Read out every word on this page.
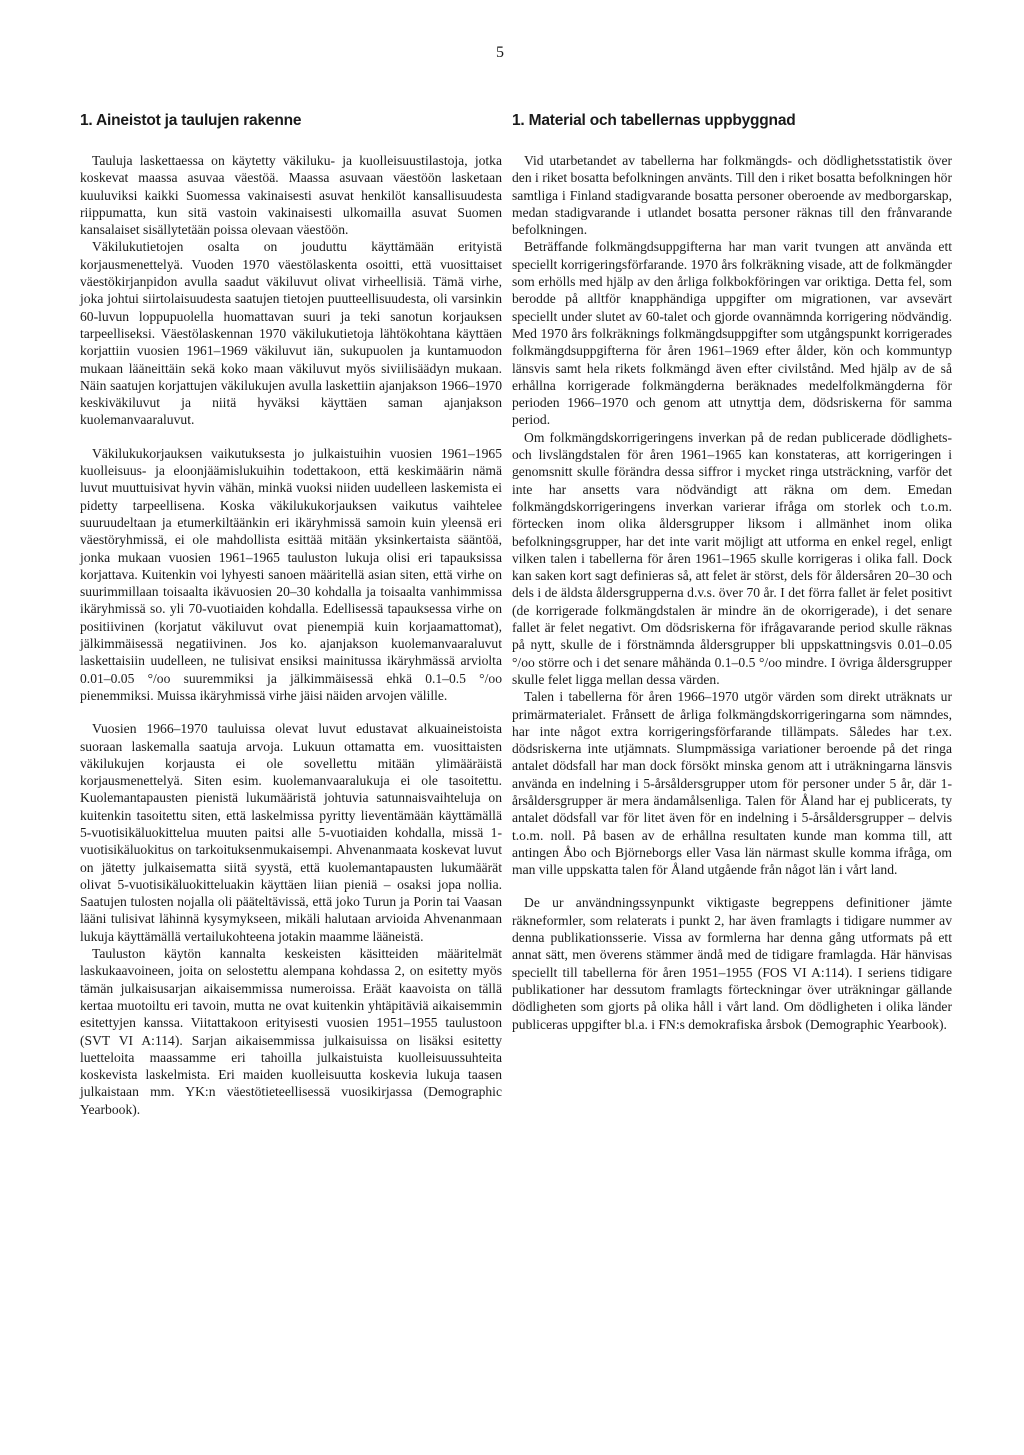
5
1. Aineistot ja taulujen rakenne

Tauluja laskettaessa on käytetty väkiluku- ja kuolleisuustilastoja, jotka koskevat maassa asuvaa väestöä. Maassa asuvaan väestöön lasketaan kuuluviksi kaikki Suomessa vakinaisesti asuvat henkilöt kansallisuudesta riippumatta, kun sitä vastoin vakinaisesti ulkomailla asuvat Suomen kansalaiset sisällytetään poissa olevaan väestöön.

Väkilukutietojen osalta on jouduttu käyttämään erityistä korjausmenettelyä. Vuoden 1970 väestölaskenta osoitti, että vuosittaiset väestökirjanpidon avulla saadut väkiluvut olivat virheellisiä. Tämä virhe, joka johtui siirtolaisuudesta saatujen tietojen puutteellisuudesta, oli varsinkin 60-luvun loppupuolella huomattavan suuri ja teki sanotun korjauksen tarpeelliseksi. Väestölaskennan 1970 väkilukutietoja lähtökohtana käyttäen korjattiin vuosien 1961–1969 väkiluvut iän, sukupuolen ja kuntamuodon mukaan lääneittäin sekä koko maan väkiluvut myös siviilisäädyn mukaan. Näin saatujen korjattujen väkilukujen avulla laskettiin ajanjakson 1966–1970 keskiväkiluvut ja niitä hyväksi käyttäen saman ajanjakson kuolemanvaaraluvut.

Väkilukukorjauksen vaikutuksesta jo julkaistuihin vuosien 1961–1965 kuolleisuus- ja eloonjäämislukuihin todettakoon, että keskimäärin nämä luvut muuttuisivat hyvin vähän, minkä vuoksi niiden uudelleen laskemista ei pidetty tarpeellisena. Koska väkilukukorjauksen vaikutus vaihtelee suuruudeltaan ja etumerkiltäänkin eri ikäryhmissä samoin kuin yleensä eri väestöryhmissä, ei ole mahdollista esittää mitään yksinkertaista sääntöä, jonka mukaan vuosien 1961–1965 tauluston lukuja olisi eri tapauksissa korjattava. Kuitenkin voi lyhyesti sanoen määritellä asian siten, että virhe on suurimmillaan toisaalta ikävuosien 20–30 kohdalla ja toisaalta vanhimmissa ikäryhmissä so. yli 70-vuotiaiden kohdalla. Edellisessä tapauksessa virhe on positiivinen (korjatut väkiluvut ovat pienempiä kuin korjaamattomat), jälkimmäisessä negatiivinen. Jos ko. ajanjakson kuolemanvaaraluvut laskettaisiin uudelleen, ne tulisivat ensiksi mainitussa ikäryhmässä arviolta 0.01–0.05 °/oo suuremmiksi ja jälkimmäisessä ehkä 0.1–0.5 °/oo pienemmiksi. Muissa ikäryhmissä virhe jäisi näiden arvojen välille.

Vuosien 1966–1970 tauluissa olevat luvut edustavat alkuaineistoista suoraan laskemalla saatuja arvoja. Lukuun ottamatta em. vuosittaisten väkilukujen korjausta ei ole sovellettu mitään ylimääräistä korjausmenettelyä. Siten esim. kuolemanvaaralukuja ei ole tasoitettu. Kuolemantapausten pienistä lukumääristä johtuvia satunnaisvaihteluja on kuitenkin tasoitettu siten, että laskelmissa pyritty lieventämään käyttämällä 5-vuotisikäluokittelua muuten paitsi alle 5-vuotiaiden kohdalla, missä 1-vuotisikäluokitus on tarkoituksenmukaisempi. Ahvenanmaata koskevat luvut on jätetty julkaisematta siitä syystä, että kuolemantapausten lukumäärät olivat 5-vuotisikäluokitteluakin käyttäen liian pieniä – osaksi jopa nollia. Saatujen tulosten nojalla oli pääteltävissä, että joko Turun ja Porin tai Vaasan lääni tulisivat lähinnä kysymykseen, mikäli halutaan arvioida Ahvenanmaan lukuja käyttämällä vertailukohteena jotakin maamme lääneistä.

Tauluston käytön kannalta keskeisten käsitteiden määritelmät laskukaavoineen, joita on selostettu alempana kohdassa 2, on esitetty myös tämän julkaisusarjan aikaisemmissa numeroissa. Eräät kaavoista on tällä kertaa muotoiltu eri tavoin, mutta ne ovat kuitenkin yhtäpitäviä aikaisemmin esitettyjen kanssa. Viitattakoon erityisesti vuosien 1951–1955 taulustoon (SVT VI A:114). Sarjan aikaisemmissa julkaisuissa on lisäksi esitetty luetteloita maassamme eri tahoilla julkaistuista kuolleisuussuhteita koskevista laskelmista. Eri maiden kuolleisuutta koskevia lukuja taasen julkaistaan mm. YK:n väestötieteellisessä vuosikirjassa (Demographic Yearbook).

1. Material och tabellernas uppbyggnad

Vid utarbetandet av tabellerna har folkmängds- och dödlighetsstatistik över den i riket bosatta befolkningen använts. Till den i riket bosatta befolkningen hör samtliga i Finland stadigvarande bosatta personer oberoende av medborgarskap, medan stadigvarande i utlandet bosatta personer räknas till den frånvarande befolkningen.

Beträffande folkmängdsuppgifterna har man varit tvungen att använda ett speciellt korrigeringsförfarande. 1970 års folkräkning visade, att de folkmängder som erhölls med hjälp av den årliga folkbokföringen var oriktiga. Detta fel, som berodde på alltför knapphändiga uppgifter om migrationen, var avsevärt speciellt under slutet av 60-talet och gjorde ovannämnda korrigering nödvändig. Med 1970 års folkräknings folkmängdsuppgifter som utgångspunkt korrigerades folkmängdsuppgifterna för åren 1961–1969 efter ålder, kön och kommuntyp länsvis samt hela rikets folkmängd även efter civilstånd. Med hjälp av de så erhållna korrigerade folkmängderna beräknades medelfolkmängderna för perioden 1966–1970 och genom att utnyttja dem, dödsriskerna för samma period.

Om folkmängdskorrigeringens inverkan på de redan publicerade dödlighets- och livslängdstalen för åren 1961–1965 kan konstateras, att korrigeringen i genomsnitt skulle förändra dessa siffror i mycket ringa utsträckning, varför det inte har ansetts vara nödvändigt att räkna om dem. Emedan folkmängdskorrigeringens inverkan varierar ifråga om storlek och t.o.m. förtecken inom olika åldersgrupper liksom i allmänhet inom olika befolkningsgrupper, har det inte varit möjligt att utforma en enkel regel, enligt vilken talen i tabellerna för åren 1961–1965 skulle korrigeras i olika fall. Dock kan saken kort sagt definieras så, att felet är störst, dels för åldersåren 20–30 och dels i de äldsta åldersgrupperna d.v.s. över 70 år. I det förra fallet är felet positivt (de korrigerade folkmängdstalen är mindre än de okorrigerade), i det senare fallet är felet negativt. Om dödsriskerna för ifrågavarande period skulle räknas på nytt, skulle de i förstnämnda åldersgrupper bli uppskattningsvis 0.01–0.05 °/oo större och i det senare måhända 0.1–0.5 °/oo mindre. I övriga åldersgrupper skulle felet ligga mellan dessa värden.

Talen i tabellerna för åren 1966–1970 utgör värden som direkt uträknats ur primärmaterialet. Frånsett de årliga folkmängdskorrigeringarna som nämndes, har inte något extra korrigeringsförfarande tillämpats. Således har t.ex. dödsriskerna inte utjämnats. Slumpmässiga variationer beroende på det ringa antalet dödsfall har man dock försökt minska genom att i uträkningarna länsvis använda en indelning i 5-årsåldersgrupper utom för personer under 5 år, där 1-årsåldersgrupper är mera ändamålsenliga. Talen för Åland har ej publicerats, ty antalet dödsfall var för litet även för en indelning i 5-årsåldersgrupper – delvis t.o.m. noll. På basen av de erhållna resultaten kunde man komma till, att antingen Åbo och Björneborgs eller Vasa län närmast skulle komma ifråga, om man ville uppskatta talen för Åland utgående från något län i vårt land.

De ur användningssynpunkt viktigaste begreppens definitioner jämte räkneformler, som relaterats i punkt 2, har även framlagts i tidigare nummer av denna publikationsserie. Vissa av formlerna har denna gång utformats på ett annat sätt, men överens stämmer ändå med de tidigare framlagda. Här hänvisas speciellt till tabellerna för åren 1951–1955 (FOS VI A:114). I seriens tidigare publikationer har dessutom framlagts förteckningar över uträkningar gällande dödligheten som gjorts på olika håll i vårt land. Om dödligheten i olika länder publiceras uppgifter bl.a. i FN:s demokrafiska årsbok (Demographic Yearbook).
